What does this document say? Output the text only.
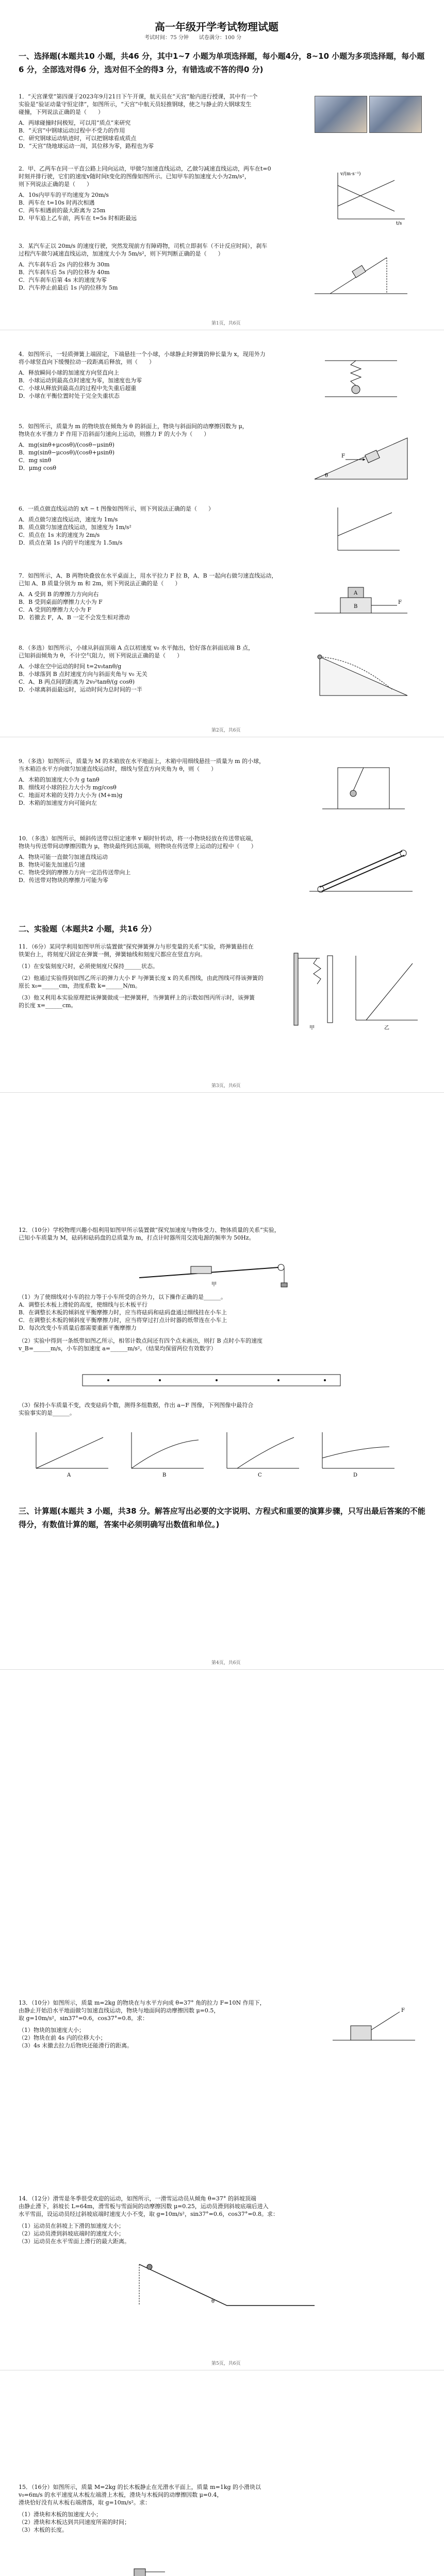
高一年级开学考试物理试题
考试时间：75 分钟　　试卷满分：100 分
一、选择题(本题共10 小题，共46 分，其中1~7 小题为单项选择题，每小题4分，8~10 小题为多项选择题，每小题6 分，全部选对得6 分，选对但不全的得3 分，有错选或不答的得0 分)
1．“天宫课堂”第四课于2023年9月21日下午开课，航天员在“天宫”舱内进行授课，其中有一个
实验是“验证动量守恒定律”，如图所示，“天宫”中航天员轻推钢球，使之与静止的大钢球发生
碰撞，下列说法正确的是（　　）
A．两球碰撞时间极短，可以用“质点”来研究
B．“天宫”中钢球运动过程中不受力的作用
C．研究钢球运动轨迹时，可以把钢球看成质点
D．“天宫”绕地球运动一周，其位移为零，路程也为零
2．甲、乙两车在同一平直公路上同向运动，甲做匀加速直线运动，乙做匀减速直线运动，两车在t=0
时刻并排行驶，它们的速度v随时间t变化的图像如图所示。已知甲车的加速度大小为2m/s²，
则下列说法正确的是（　　）
A．10s内甲车的平均速度为 20m/s
B．两车在 t=10s 时再次相遇
C．两车相遇前的最大距离为 25m
D．甲车追上乙车前，两车在 t=5s 时相距最远
v/(m·s⁻¹)
t/s
3．某汽车正以 20m/s 的速度行驶，突然发现前方有障碍物，司机立即刹车（不计反应时间），刹车
过程汽车做匀减速直线运动，加速度大小为 5m/s²，则下列判断正确的是（　　）
A．汽车刹车后 2s 内的位移为 30m
B．汽车刹车后 5s 内的位移为 40m
C．汽车刹车后第 4s 末的速度为零
D．汽车停止前最后 1s 内的位移为 5m
第1页，共6页
4．如图所示，一轻质弹簧上端固定，下端悬挂一个小球，小球静止时弹簧的伸长量为 x，现用外力
将小球竖直向下缓慢拉动一段距离后释放，则（　　）
A．释放瞬间小球的加速度方向竖直向上
B．小球运动到最高点时速度为零，加速度也为零
C．小球从释放到最高点的过程中先失重后超重
D．小球在平衡位置时处于完全失重状态
5．如图所示，质量为 m 的物块放在倾角为 θ 的斜面上，物块与斜面间的动摩擦因数为 μ，
物块在水平推力 F 作用下沿斜面匀速向上运动，则推力 F 的大小为（　　）
A．mg(sinθ+μcosθ)/(cosθ−μsinθ)
B．mg(sinθ−μcosθ)/(cosθ+μsinθ)
C．mg sinθ
D．μmg cosθ
F
θ
6．一质点做直线运动的 x/t − t 图像如图所示，则下列说法正确的是（　　）
A．质点做匀速直线运动，速度为 1m/s
B．质点做匀加速直线运动，加速度为 1m/s²
C．质点在 1s 末的速度为 2m/s
D．质点在第 1s 内的平均速度为 1.5m/s
7．如图所示，A、B 两物块叠放在水平桌面上，用水平拉力 F 拉 B，A、B 一起向右做匀速直线运动，
已知 A、B 质量分别为 m 和 2m，则下列说法正确的是（　　）
A．A 受到 B 的摩擦力方向向右
B．B 受到桌面的摩擦力大小为 F
C．A 受到的摩擦力大小为 F
D．若撤去 F，A、B 一定不会发生相对滑动
A
B
F
8．（多选）如图所示，小球从斜面顶端 A 点以初速度 v₀ 水平抛出，恰好落在斜面底端 B 点，
已知斜面倾角为 θ，不计空气阻力，则下列说法正确的是（　　）
A．小球在空中运动的时间 t=2v₀tanθ/g
B．小球落到 B 点时速度方向与斜面夹角与 v₀ 无关
C．A、B 两点间的距离为 2v₀²tanθ/(g cosθ)
D．小球离斜面最远时，运动时间为总时间的一半
第2页，共6页
9．（多选）如图所示，质量为 M 的木箱放在水平地面上，木箱中用细线悬挂一质量为 m 的小球，
当木箱沿水平方向做匀加速直线运动时，细线与竖直方向夹角为 θ，则（　　）
A．木箱的加速度大小为 g tanθ
B．细线对小球的拉力大小为 mg/cosθ
C．地面对木箱的支持力大小为 (M+m)g
D．木箱的加速度方向可能向左
10．（多选）如图所示，倾斜传送带以恒定速率 v 顺时针转动，将一小物块轻放在传送带底端，
物块与传送带间动摩擦因数为 μ，物块最终到达顶端，则物块在传送带上运动的过程中（　　）
A．物块可能一直做匀加速直线运动
B．物块可能先加速后匀速
C．物块受到的摩擦力方向一定沿传送带向上
D．传送带对物块的摩擦力可能为零
二、实验题（本题共2 小题，共16 分）
11．（6分）某同学利用如图甲所示装置做“探究弹簧弹力与形变量的关系”实验，将弹簧悬挂在
铁架台上，将刻度尺固定在弹簧一侧，弹簧轴线和刻度尺都应在竖直方向。
（1）在安装刻度尺时，必须使刻度尺保持______状态。
（2）他通过实验得到如图乙所示的弹力大小 F 与弹簧长度 x 的关系图线，由此图线可得该弹簧的
原长 x₀=______cm，劲度系数 k=______N/m。
（3）他又利用本实验原理把该弹簧做成一把弹簧秤，当弹簧秤上的示数如图丙所示时，该弹簧
的长度 x=______cm。
甲	乙
第3页，共6页
12．（10分）学校物理兴趣小组利用如图甲所示装置做“探究加速度与物体受力、物体质量的关系”实验，
已知小车质量为 M，砝码和砝码盘的总质量为 m，打点计时器所用交流电源的频率为 50Hz。
甲
（1）为了使细线对小车的拉力等于小车所受的合外力，以下操作正确的是______。
A．调整长木板上滑轮的高度，使细线与长木板平行
B．在调整长木板的倾斜度平衡摩擦力时，应当将砝码和砝码盘通过细线挂在小车上
C．在调整长木板的倾斜度平衡摩擦力时，应当将穿过打点计时器的纸带连在小车上
D．每次改变小车质量后都需要重新平衡摩擦力
（2）实验中得到一条纸带如图乙所示，相邻计数点间还有四个点未画出，则打 B 点时小车的速度
v_B=______m/s，小车的加速度 a=______m/s²。（结果均保留两位有效数字）
（3）保持小车质量不变，改变砝码个数，测得多组数据，作出 a−F 图像，下列图像中最符合
实验事实的是______。
A	B	C	D
三、计算题(本题共 3 小题，共38 分。解答应写出必要的文字说明、方程式和重要的演算步骤，只写出最后答案的不能得分，有数值计算的题，答案中必须明确写出数值和单位。)
第4页，共6页
13．（10分）如图所示，质量 m=2kg 的物块在与水平方向成 θ=37° 角的拉力 F=10N 作用下，
由静止开始沿水平地面做匀加速直线运动，物块与地面间的动摩擦因数 μ=0.5，
取 g=10m/s²，sin37°=0.6，cos37°=0.8。求：
（1）物块的加速度大小；
（2）物块在前 4s 内的位移大小；
（3）4s 末撤去拉力后物块还能滑行的距离。
F
14．（12分）滑雪是冬季很受欢迎的运动，如图所示，一滑雪运动员从倾角 θ=37° 的斜坡顶端
由静止滑下，斜坡长 L=64m，滑雪板与雪面间的动摩擦因数 μ=0.25，运动员滑到斜坡底端后进入
水平雪面，设运动员经过斜坡底端时速度大小不变，取 g=10m/s²，sin37°=0.6，cos37°=0.8。求：
（1）运动员在斜坡上下滑的加速度大小；
（2）运动员滑到斜坡底端时的速度大小；
（3）运动员在水平雪面上滑行的最大距离。
θ
第5页，共6页
15．（16分）如图所示，质量 M=2kg 的长木板静止在光滑水平面上，质量 m=1kg 的小滑块以
v₀=6m/s 的水平速度从木板左端滑上木板，滑块与木板间的动摩擦因数 μ=0.4，
滑块恰好没有从木板右端滑落，取 g=10m/s²。求：
（1）滑块和木板的加速度大小；
（2）滑块和木板达到共同速度所需的时间；
（3）木板的长度。
